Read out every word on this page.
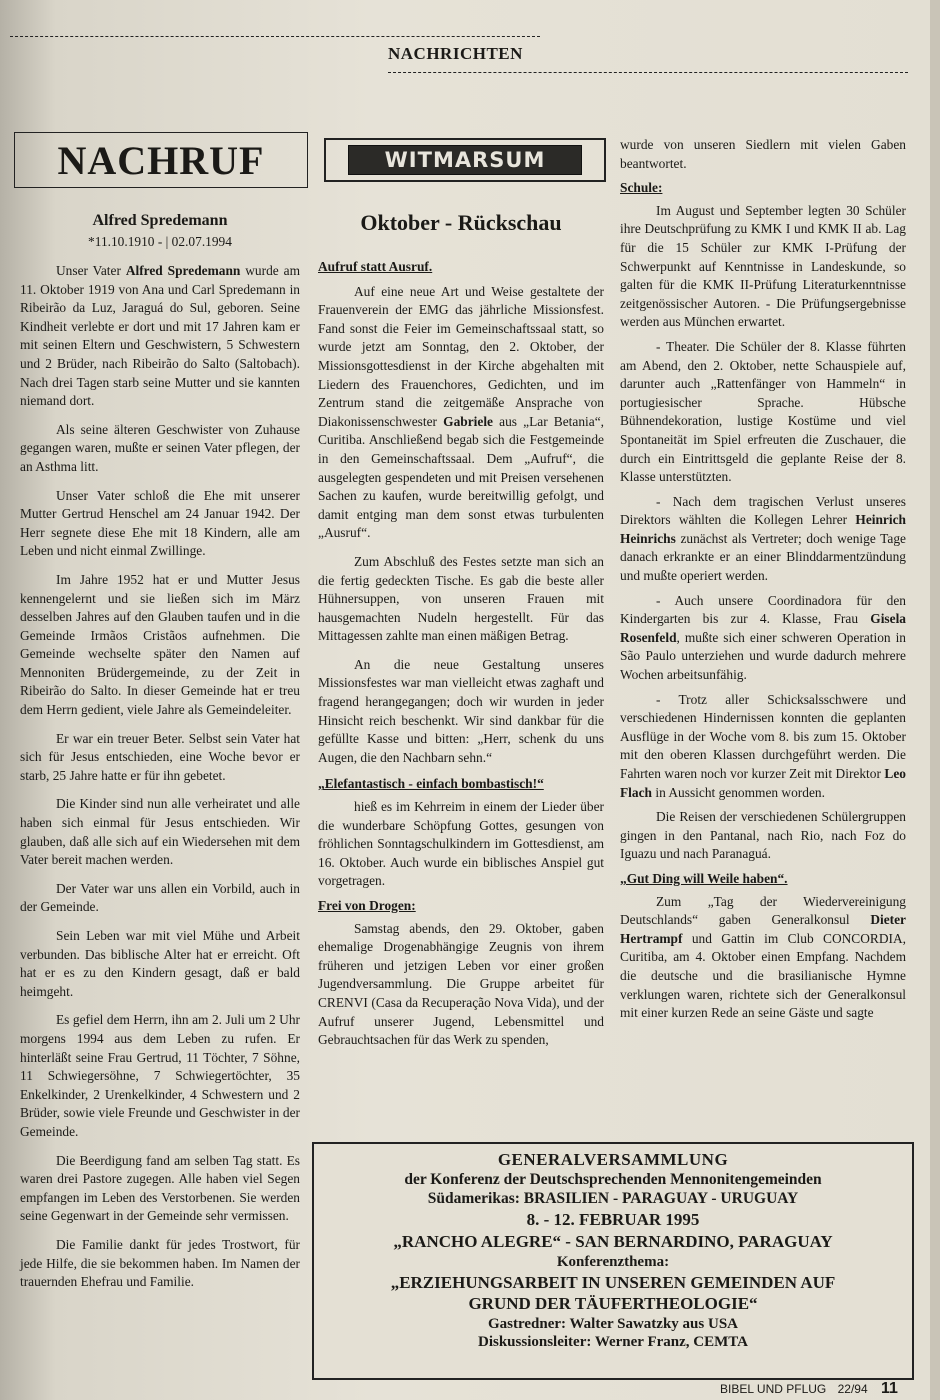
NACHRICHTEN
NACHRUF
Alfred Spredemann
*11.10.1910 - | 02.07.1994

Unser Vater Alfred Spredemann wurde am 11. Oktober 1919 von Ana und Carl Spredemann in Ribeirão da Luz, Jaraguá do Sul, geboren. Seine Kindheit verlebte er dort und mit 17 Jahren kam er mit seinen Eltern und Geschwistern, 5 Schwestern und 2 Brüder, nach Ribeirão do Salto (Saltobach). Nach drei Tagen starb seine Mutter und sie kannten niemand dort.

Als seine älteren Geschwister von Zuhause gegangen waren, mußte er seinen Vater pflegen, der an Asthma litt.

Unser Vater schloß die Ehe mit unserer Mutter Gertrud Henschel am 24 Januar 1942. Der Herr segnete diese Ehe mit 18 Kindern, alle am Leben und nicht einmal Zwillinge.

Im Jahre 1952 hat er und Mutter Jesus kennengelernt und sie ließen sich im März desselben Jahres auf den Glauben taufen und in die Gemeinde Irmãos Cristãos aufnehmen. Die Gemeinde wechselte später den Namen auf Mennoniten Brüdergemeinde, zu der Zeit in Ribeirão do Salto. In dieser Gemeinde hat er treu dem Herrn gedient, viele Jahre als Gemeindeleiter.

Er war ein treuer Beter. Selbst sein Vater hat sich für Jesus entschieden, eine Woche bevor er starb, 25 Jahre hatte er für ihn gebetet.

Die Kinder sind nun alle verheiratet und alle haben sich einmal für Jesus entschieden. Wir glauben, daß alle sich auf ein Wiedersehen mit dem Vater bereit machen werden.

Der Vater war uns allen ein Vorbild, auch in der Gemeinde.

Sein Leben war mit viel Mühe und Arbeit verbunden. Das biblische Alter hat er erreicht. Oft hat er es zu den Kindern gesagt, daß er bald heimgeht.

Es gefiel dem Herrn, ihn am 2. Juli um 2 Uhr morgens 1994 aus dem Leben zu rufen. Er hinterläßt seine Frau Gertrud, 11 Töchter, 7 Söhne, 11 Schwiegersöhne, 7 Schwiegertöchter, 35 Enkelkinder, 2 Urenkelkinder, 4 Schwestern und 2 Brüder, sowie viele Freunde und Geschwister in der Gemeinde.

Die Beerdigung fand am selben Tag statt. Es waren drei Pastore zugegen. Alle haben viel Segen empfangen im Leben des Verstorbenen. Sie werden seine Gegenwart in der Gemeinde sehr vermissen.

Die Familie dankt für jedes Trostwort, für jede Hilfe, die sie bekommen haben. Im Namen der trauernden Ehefrau und Familie.

WITMARSUM
Oktober - Rückschau

Aufruf statt Ausruf.

Auf eine neue Art und Weise gestaltete der Frauenverein der EMG das jährliche Missionsfest. Fand sonst die Feier im Gemeinschaftssaal statt, so wurde jetzt am Sonntag, den 2. Oktober, der Missionsgottesdienst in der Kirche abgehalten mit Liedern des Frauenchores, Gedichten, und im Zentrum stand die zeitgemäße Ansprache von Diakonissenschwester Gabriele aus „Lar Betania“, Curitiba. Anschließend begab sich die Festgemeinde in den Gemeinschaftssaal. Dem „Aufruf“, die ausgelegten gespendeten und mit Preisen versehenen Sachen zu kaufen, wurde bereitwillig gefolgt, und damit entging man dem sonst etwas turbulenten „Ausruf“.

Zum Abschluß des Festes setzte man sich an die fertig gedeckten Tische. Es gab die beste aller Hühnersuppen, von unseren Frauen mit hausgemachten Nudeln hergestellt. Für das Mittagessen zahlte man einen mäßigen Betrag.

An die neue Gestaltung unseres Missionsfestes war man vielleicht etwas zaghaft und fragend herangegangen; doch wir wurden in jeder Hinsicht reich beschenkt. Wir sind dankbar für die gefüllte Kasse und bitten: „Herr, schenk du uns Augen, die den Nachbarn sehn.“

„Elefantastisch - einfach bombastisch!“

hieß es im Kehrreim in einem der Lieder über die wunderbare Schöpfung Gottes, gesungen von fröhlichen Sonntagschulkindern im Gottesdienst, am 16. Oktober. Auch wurde ein biblisches Anspiel gut vorgetragen.

Frei von Drogen:

Samstag abends, den 29. Oktober, gaben ehemalige Drogenabhängige Zeugnis von ihrem früheren und jetzigen Leben vor einer großen Jugendversammlung. Die Gruppe arbeitet für CRENVI (Casa da Recuperação Nova Vida), und der Aufruf unserer Jugend, Lebensmittel und Gebrauchtsachen für das Werk zu spenden,

wurde von unseren Siedlern mit vielen Gaben beantwortet.

Schule:

Im August und September legten 30 Schüler ihre Deutschprüfung zu KMK I und KMK II ab. Lag für die 15 Schüler zur KMK I-Prüfung der Schwerpunkt auf Kenntnisse in Landeskunde, so galten für die KMK II-Prüfung Literaturkenntnisse zeitgenössischer Autoren. - Die Prüfungsergebnisse werden aus München erwartet.

- Theater. Die Schüler der 8. Klasse führten am Abend, den 2. Oktober, nette Schauspiele auf, darunter auch „Rattenfänger von Hammeln“ in portugiesischer Sprache. Hübsche Bühnendekoration, lustige Kostüme und viel Spontaneität im Spiel erfreuten die Zuschauer, die durch ein Eintrittsgeld die geplante Reise der 8. Klasse unterstützten.

- Nach dem tragischen Verlust unseres Direktors wählten die Kollegen Lehrer Heinrich Heinrichs zunächst als Vertreter; doch wenige Tage danach erkrankte er an einer Blinddarmentzündung und mußte operiert werden.

- Auch unsere Coordinadora für den Kindergarten bis zur 4. Klasse, Frau Gisela Rosenfeld, mußte sich einer schweren Operation in São Paulo unterziehen und wurde dadurch mehrere Wochen arbeitsunfähig.

- Trotz aller Schicksalsschwere und verschiedenen Hindernissen konnten die geplanten Ausflüge in der Woche vom 8. bis zum 15. Oktober mit den oberen Klassen durchgeführt werden. Die Fahrten waren noch vor kurzer Zeit mit Direktor Leo Flach in Aussicht genommen worden.

Die Reisen der verschiedenen Schülergruppen gingen in den Pantanal, nach Rio, nach Foz do Iguazu und nach Paranaguá.

„Gut Ding will Weile haben“.

Zum „Tag der Wiedervereinigung Deutschlands“ gaben Generalkonsul Dieter Hertrampf und Gattin im Club CONCORDIA, Curitiba, am 4. Oktober einen Empfang. Nachdem die deutsche und die brasilianische Hymne verklungen waren, richtete sich der Generalkonsul mit einer kurzen Rede an seine Gäste und sagte

GENERALVERSAMMLUNG
der Konferenz der Deutschsprechenden Mennonitengemeinden
Südamerikas: BRASILIEN - PARAGUAY - URUGUAY
8. - 12. FEBRUAR 1995
„RANCHO ALEGRE“ - SAN BERNARDINO, PARAGUAY
Konferenzthema:
„ERZIEHUNGSARBEIT IN UNSEREN GEMEINDEN AUF
GRUND DER TÄUFERTHEOLOGIE“
Gastredner: Walter Sawatzky aus USA
Diskussionsleiter: Werner Franz, CEMTA
BIBEL UND PFLUG 22/94 11
